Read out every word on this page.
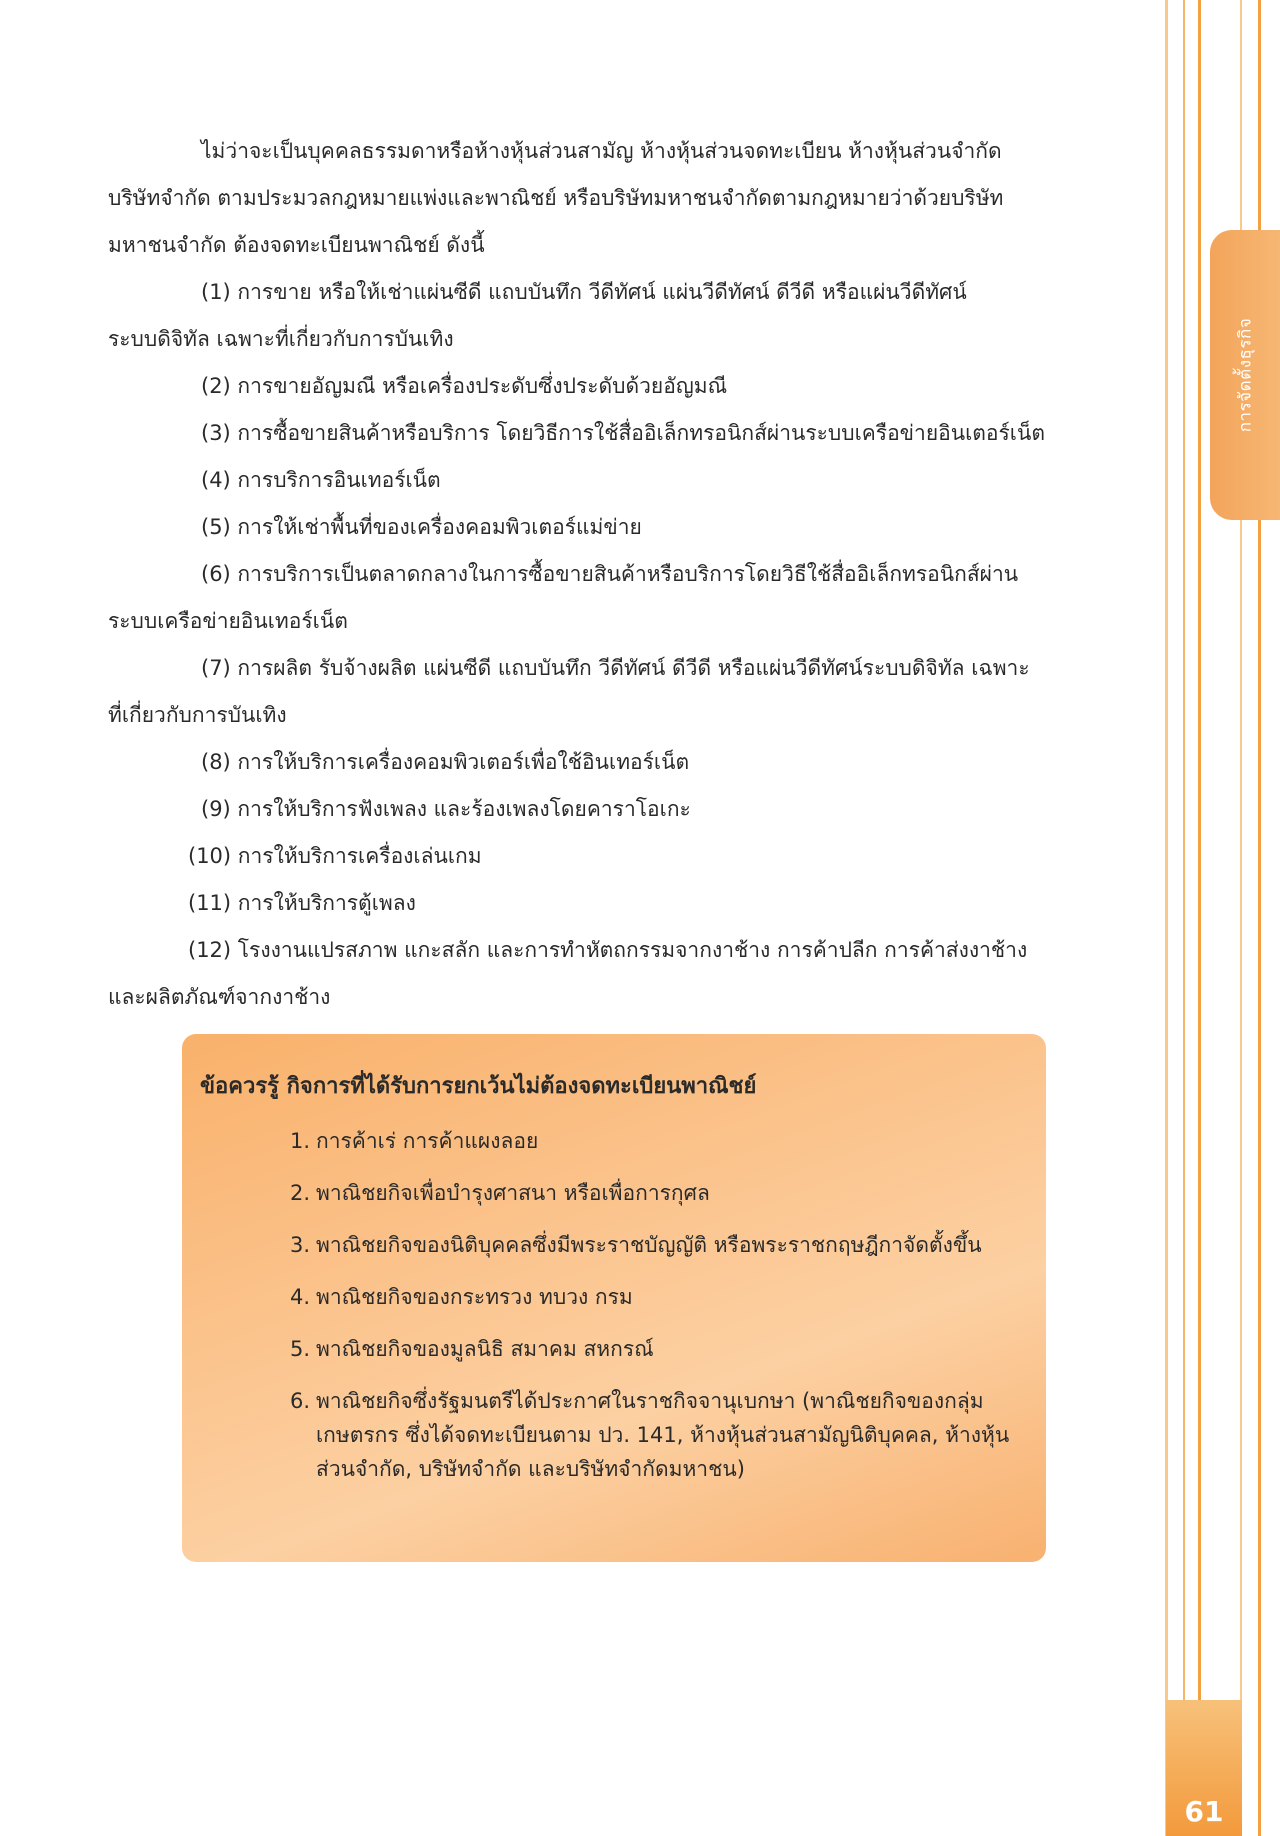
การจัดตั้งธุรกิจ
61

ไม่ว่าจะเป็นบุคคลธรรมดาหรือห้างหุ้นส่วนสามัญ ห้างหุ้นส่วนจดทะเบียน ห้างหุ้นส่วนจำกัด
บริษัทจำกัด ตามประมวลกฎหมายแพ่งและพาณิชย์ หรือบริษัทมหาชนจำกัดตามกฎหมายว่าด้วยบริษัท
มหาชนจำกัด ต้องจดทะเบียนพาณิชย์ ดังนี้

(1) การขาย หรือให้เช่าแผ่นซีดี แถบบันทึก วีดีทัศน์ แผ่นวีดีทัศน์ ดีวีดี หรือแผ่นวีดีทัศน์
ระบบดิจิทัล เฉพาะที่เกี่ยวกับการบันเทิง
(2) การขายอัญมณี หรือเครื่องประดับซึ่งประดับด้วยอัญมณี
(3) การซื้อขายสินค้าหรือบริการ โดยวิธีการใช้สื่ออิเล็กทรอนิกส์ผ่านระบบเครือข่ายอินเตอร์เน็ต
(4) การบริการอินเทอร์เน็ต
(5) การให้เช่าพื้นที่ของเครื่องคอมพิวเตอร์แม่ข่าย
(6) การบริการเป็นตลาดกลางในการซื้อขายสินค้าหรือบริการโดยวิธีใช้สื่ออิเล็กทรอนิกส์ผ่าน
ระบบเครือข่ายอินเทอร์เน็ต
(7) การผลิต รับจ้างผลิต แผ่นซีดี แถบบันทึก วีดีทัศน์ ดีวีดี หรือแผ่นวีดีทัศน์ระบบดิจิทัล เฉพาะ
ที่เกี่ยวกับการบันเทิง
(8) การให้บริการเครื่องคอมพิวเตอร์เพื่อใช้อินเทอร์เน็ต
(9) การให้บริการฟังเพลง และร้องเพลงโดยคาราโอเกะ
(10) การให้บริการเครื่องเล่นเกม
(11) การให้บริการตู้เพลง
(12) โรงงานแปรสภาพ แกะสลัก และการทำหัตถกรรมจากงาช้าง การค้าปลีก การค้าส่งงาช้าง
และผลิตภัณฑ์จากงาช้าง
ข้อควรรู้ กิจการที่ได้รับการยกเว้นไม่ต้องจดทะเบียนพาณิชย์
1. การค้าเร่ การค้าแผงลอย
2. พาณิชยกิจเพื่อบำรุงศาสนา หรือเพื่อการกุศล
3. พาณิชยกิจของนิติบุคคลซึ่งมีพระราชบัญญัติ หรือพระราชกฤษฎีกาจัดตั้งขึ้น
4. พาณิชยกิจของกระทรวง ทบวง กรม
5. พาณิชยกิจของมูลนิธิ สมาคม สหกรณ์
6. พาณิชยกิจซึ่งรัฐมนตรีได้ประกาศในราชกิจจานุเบกษา (พาณิชยกิจของกลุ่มเกษตรกร ซึ่งได้จดทะเบียนตาม ปว. 141, ห้างหุ้นส่วนสามัญนิติบุคคล, ห้างหุ้นส่วนจำกัด, บริษัทจำกัด และบริษัทจำกัดมหาชน)
